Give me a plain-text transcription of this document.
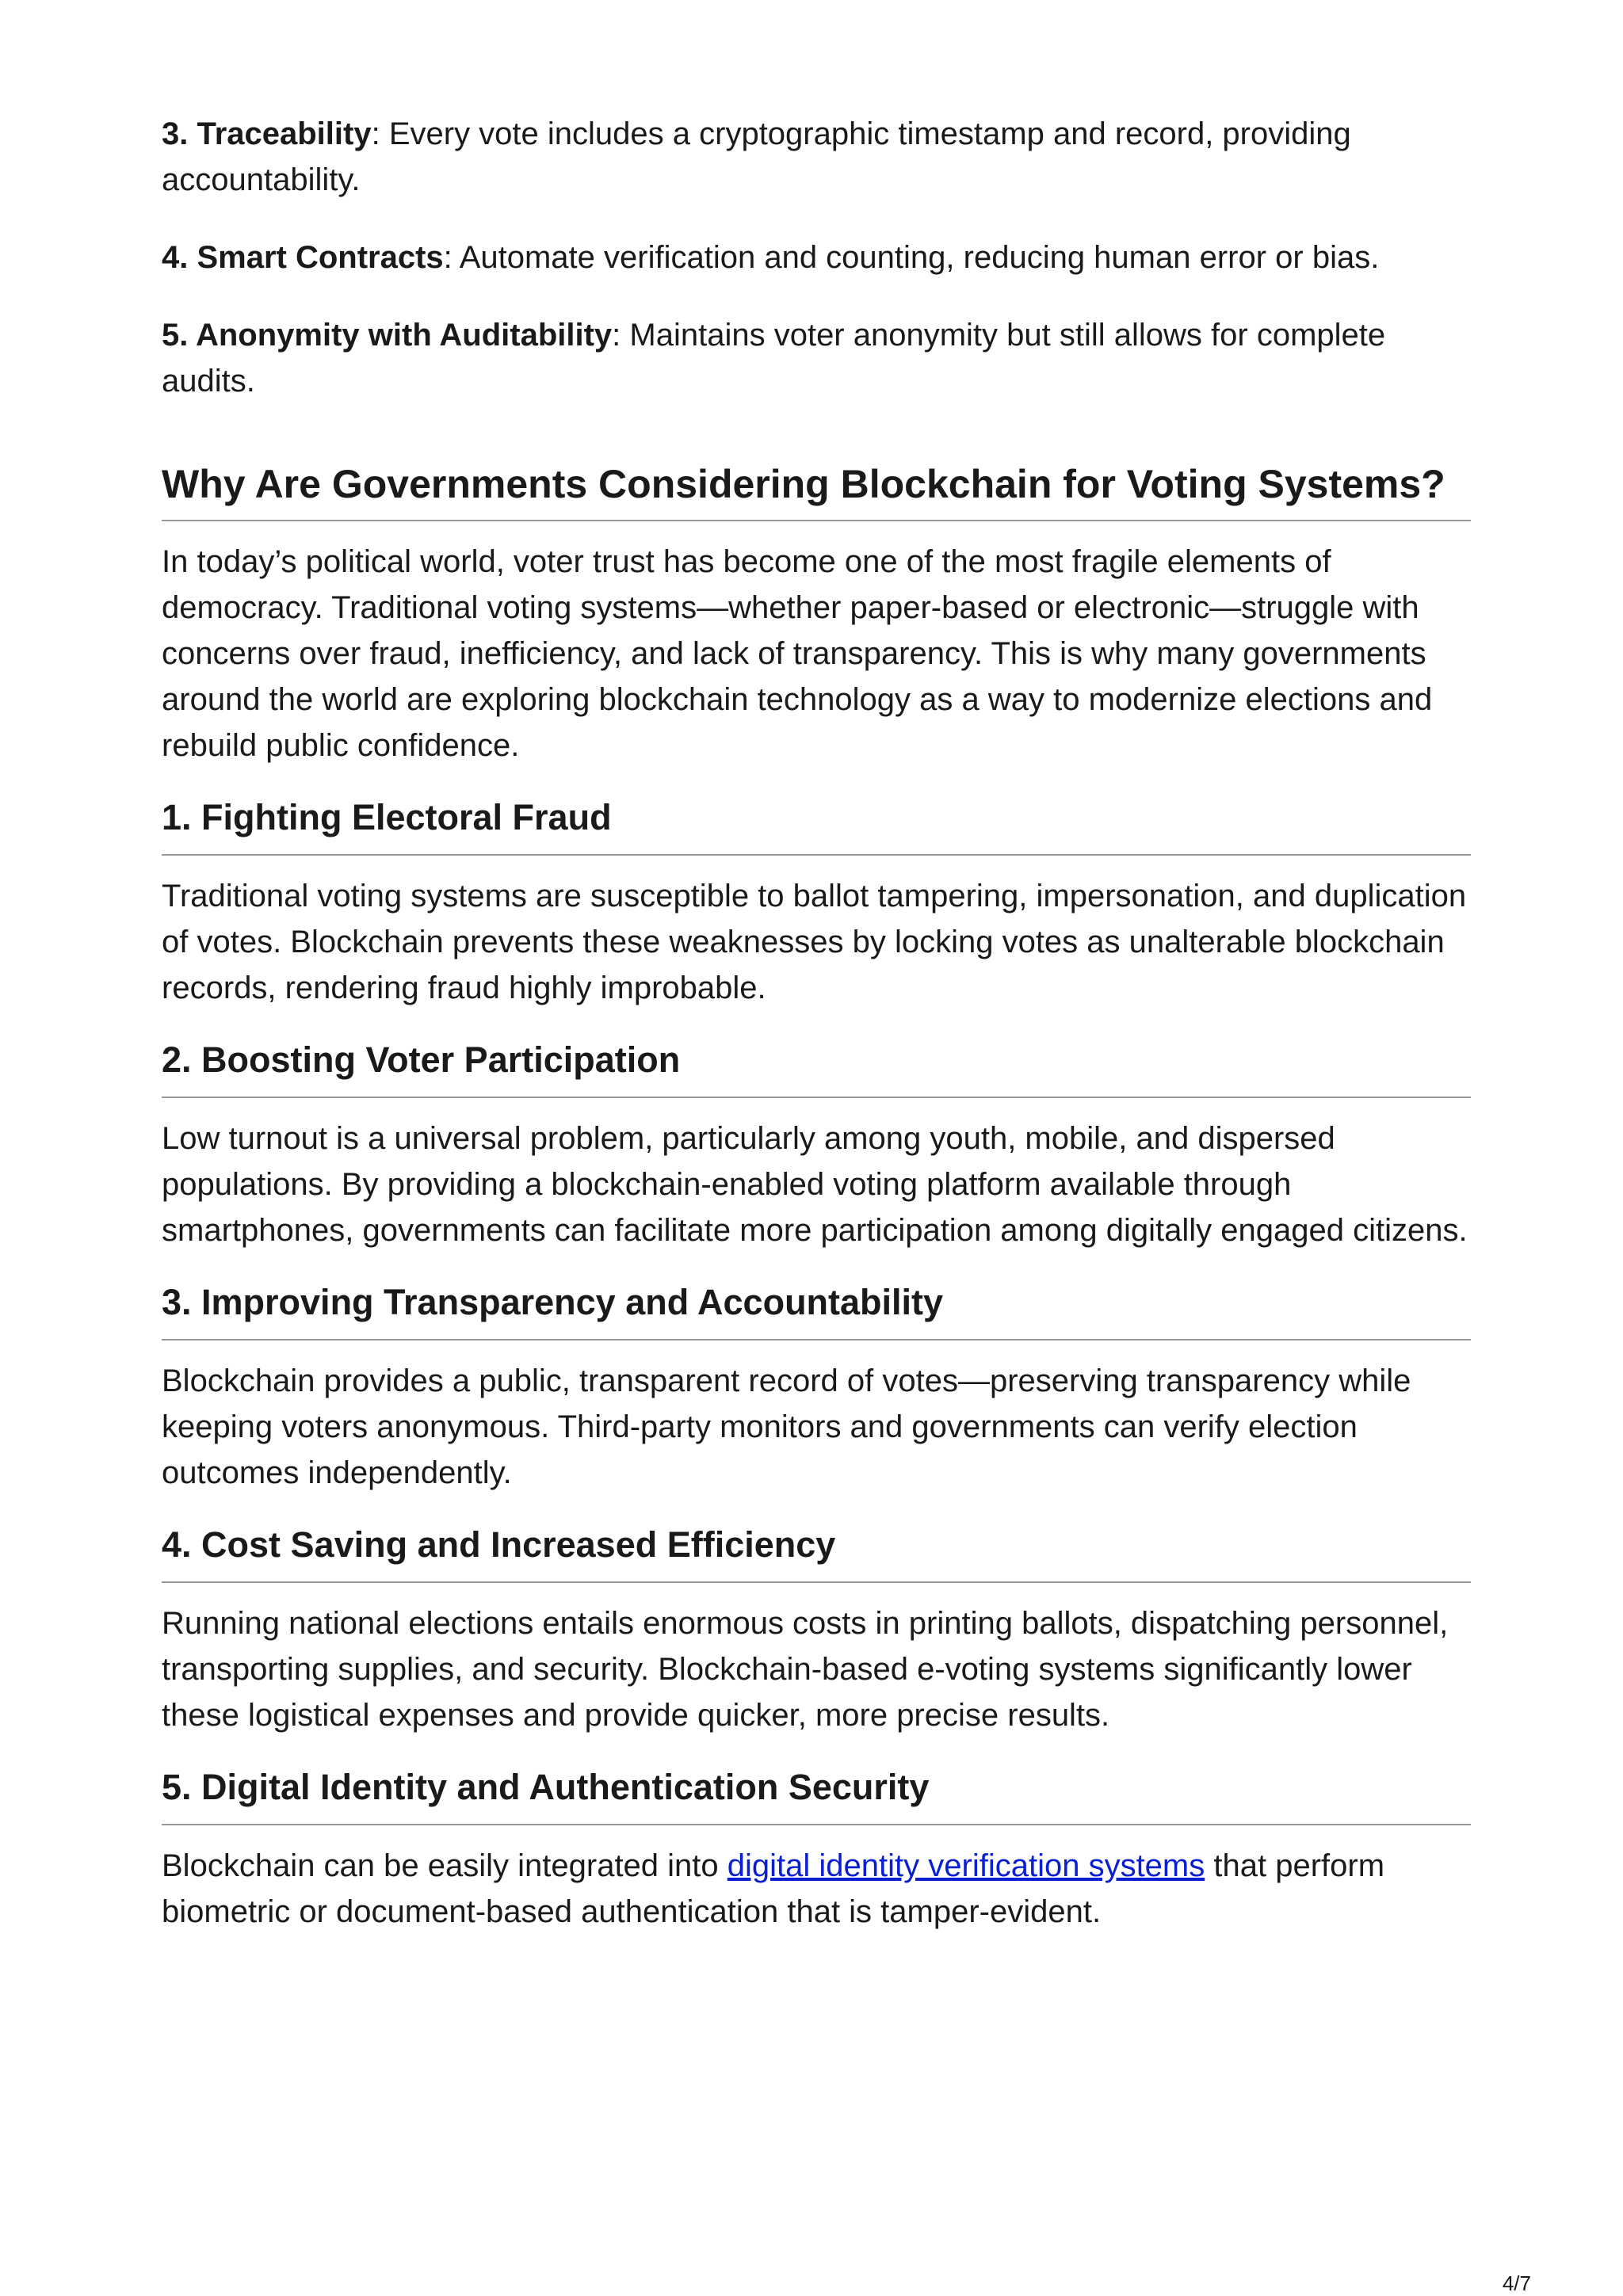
3. Traceability: Every vote includes a cryptographic timestamp and record, providing accountability.

4. Smart Contracts: Automate verification and counting, reducing human error or bias.

5. Anonymity with Auditability: Maintains voter anonymity but still allows for complete audits.

Why Are Governments Considering Blockchain for Voting Systems?

In today’s political world, voter trust has become one of the most fragile elements of democracy. Traditional voting systems—whether paper-based or electronic—struggle with concerns over fraud, inefficiency, and lack of transparency. This is why many governments around the world are exploring blockchain technology as a way to modernize elections and rebuild public confidence.

1. Fighting Electoral Fraud

Traditional voting systems are susceptible to ballot tampering, impersonation, and duplication of votes. Blockchain prevents these weaknesses by locking votes as unalterable blockchain records, rendering fraud highly improbable.

2. Boosting Voter Participation

Low turnout is a universal problem, particularly among youth, mobile, and dispersed populations. By providing a blockchain-enabled voting platform available through smartphones, governments can facilitate more participation among digitally engaged citizens.

3. Improving Transparency and Accountability

Blockchain provides a public, transparent record of votes—preserving transparency while keeping voters anonymous. Third-party monitors and governments can verify election outcomes independently.

4. Cost Saving and Increased Efficiency

Running national elections entails enormous costs in printing ballots, dispatching personnel, transporting supplies, and security. Blockchain-based e-voting systems significantly lower these logistical expenses and provide quicker, more precise results.

5. Digital Identity and Authentication Security

Blockchain can be easily integrated into digital identity verification systems that perform biometric or document-based authentication that is tamper-evident.

4/7
